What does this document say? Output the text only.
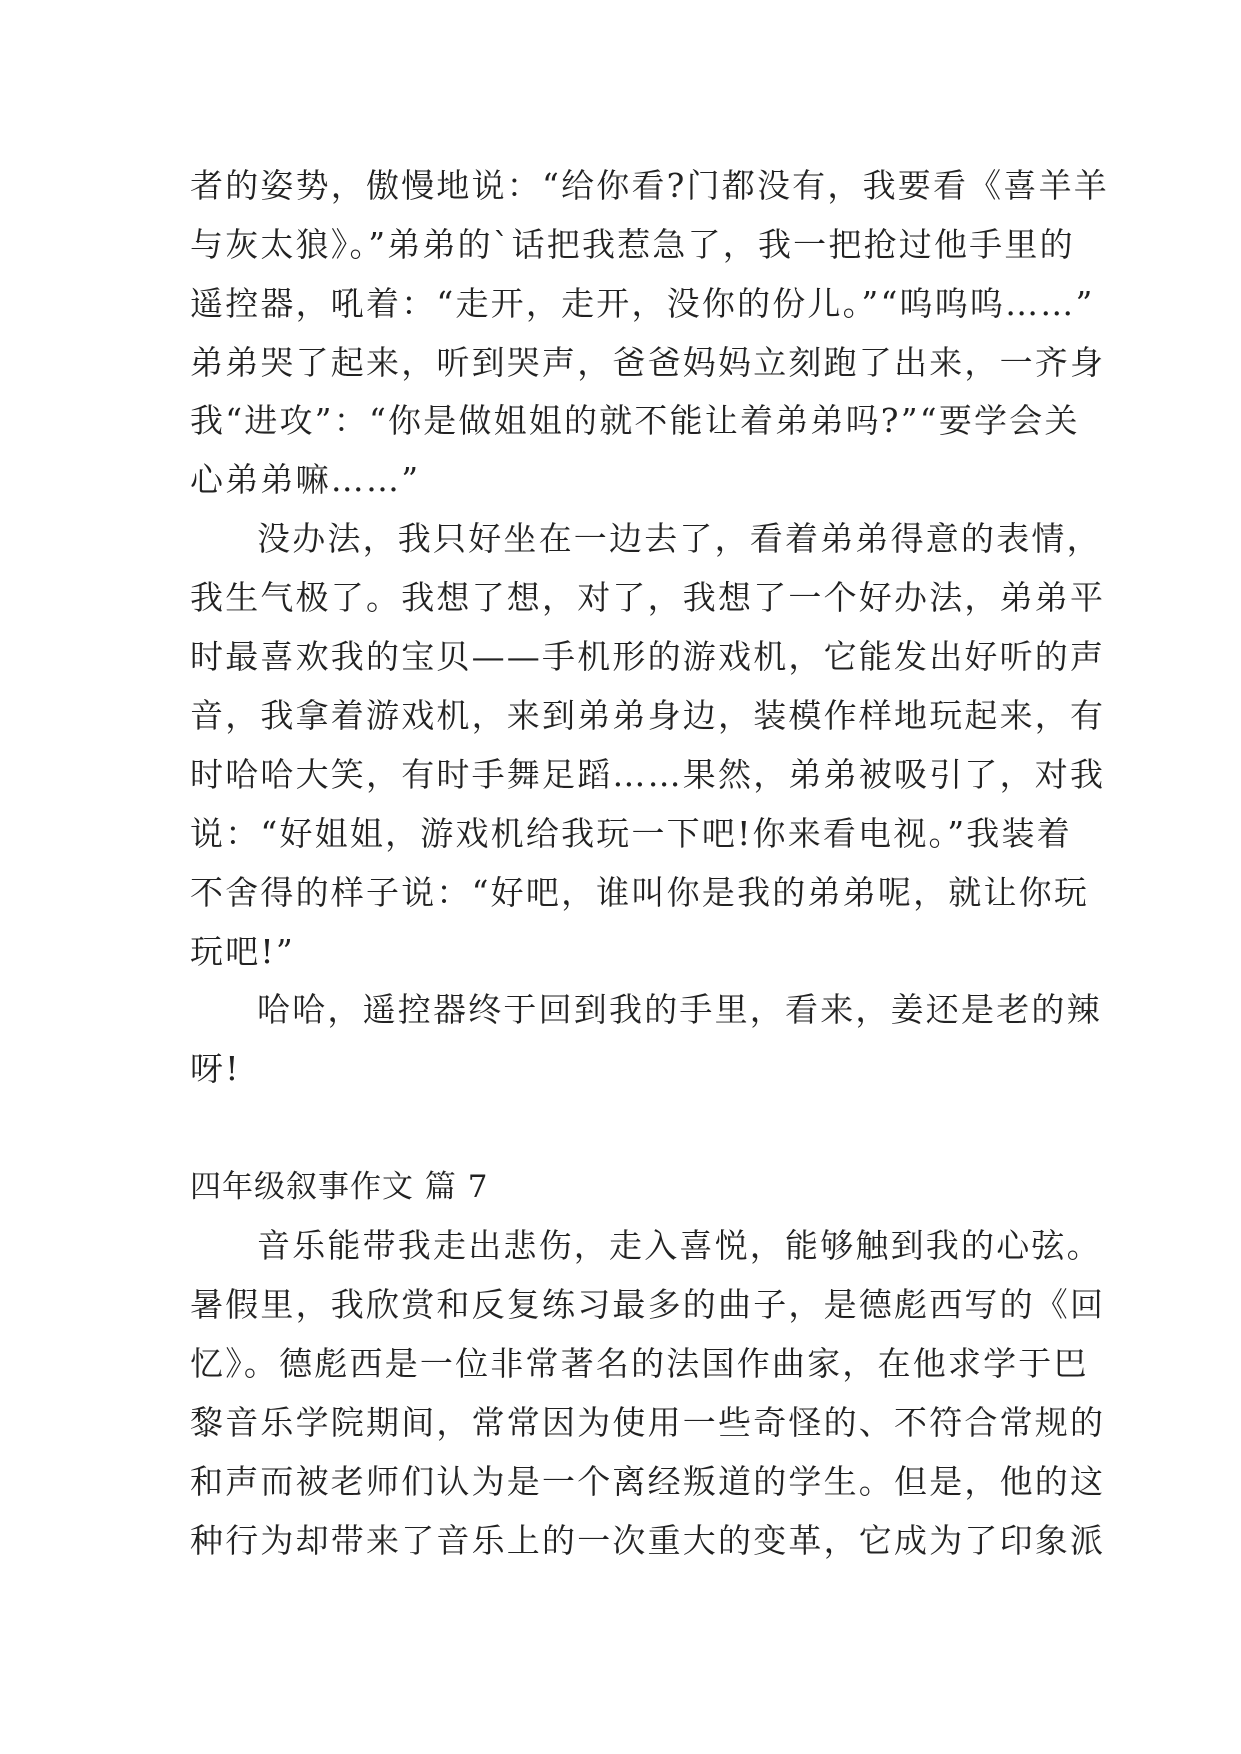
者的姿势，傲慢地说：“给你看?门都没有，我要看《喜羊羊
与灰太狼》。”弟弟的`话把我惹急了，我一把抢过他手里的
遥控器，吼着：“走开，走开，没你的份儿。”“呜呜呜……”
弟弟哭了起来，听到哭声，爸爸妈妈立刻跑了出来，一齐身
我“进攻”：“你是做姐姐的就不能让着弟弟吗?”“要学会关
心弟弟嘛……”
没办法，我只好坐在一边去了，看着弟弟得意的表情，
我生气极了。我想了想，对了，我想了一个好办法，弟弟平
时最喜欢我的宝贝——手机形的游戏机，它能发出好听的声
音，我拿着游戏机，来到弟弟身边，装模作样地玩起来，有
时哈哈大笑，有时手舞足蹈……果然，弟弟被吸引了，对我
说：“好姐姐，游戏机给我玩一下吧!你来看电视。”我装着
不舍得的样子说：“好吧，谁叫你是我的弟弟呢，就让你玩
玩吧!”
哈哈，遥控器终于回到我的手里，看来，姜还是老的辣
呀!
四年级叙事作文 篇 7
音乐能带我走出悲伤，走入喜悦，能够触到我的心弦。
暑假里，我欣赏和反复练习最多的曲子，是德彪西写的《回
忆》。德彪西是一位非常著名的法国作曲家，在他求学于巴
黎音乐学院期间，常常因为使用一些奇怪的、不符合常规的
和声而被老师们认为是一个离经叛道的学生。但是，他的这
种行为却带来了音乐上的一次重大的变革，它成为了印象派
